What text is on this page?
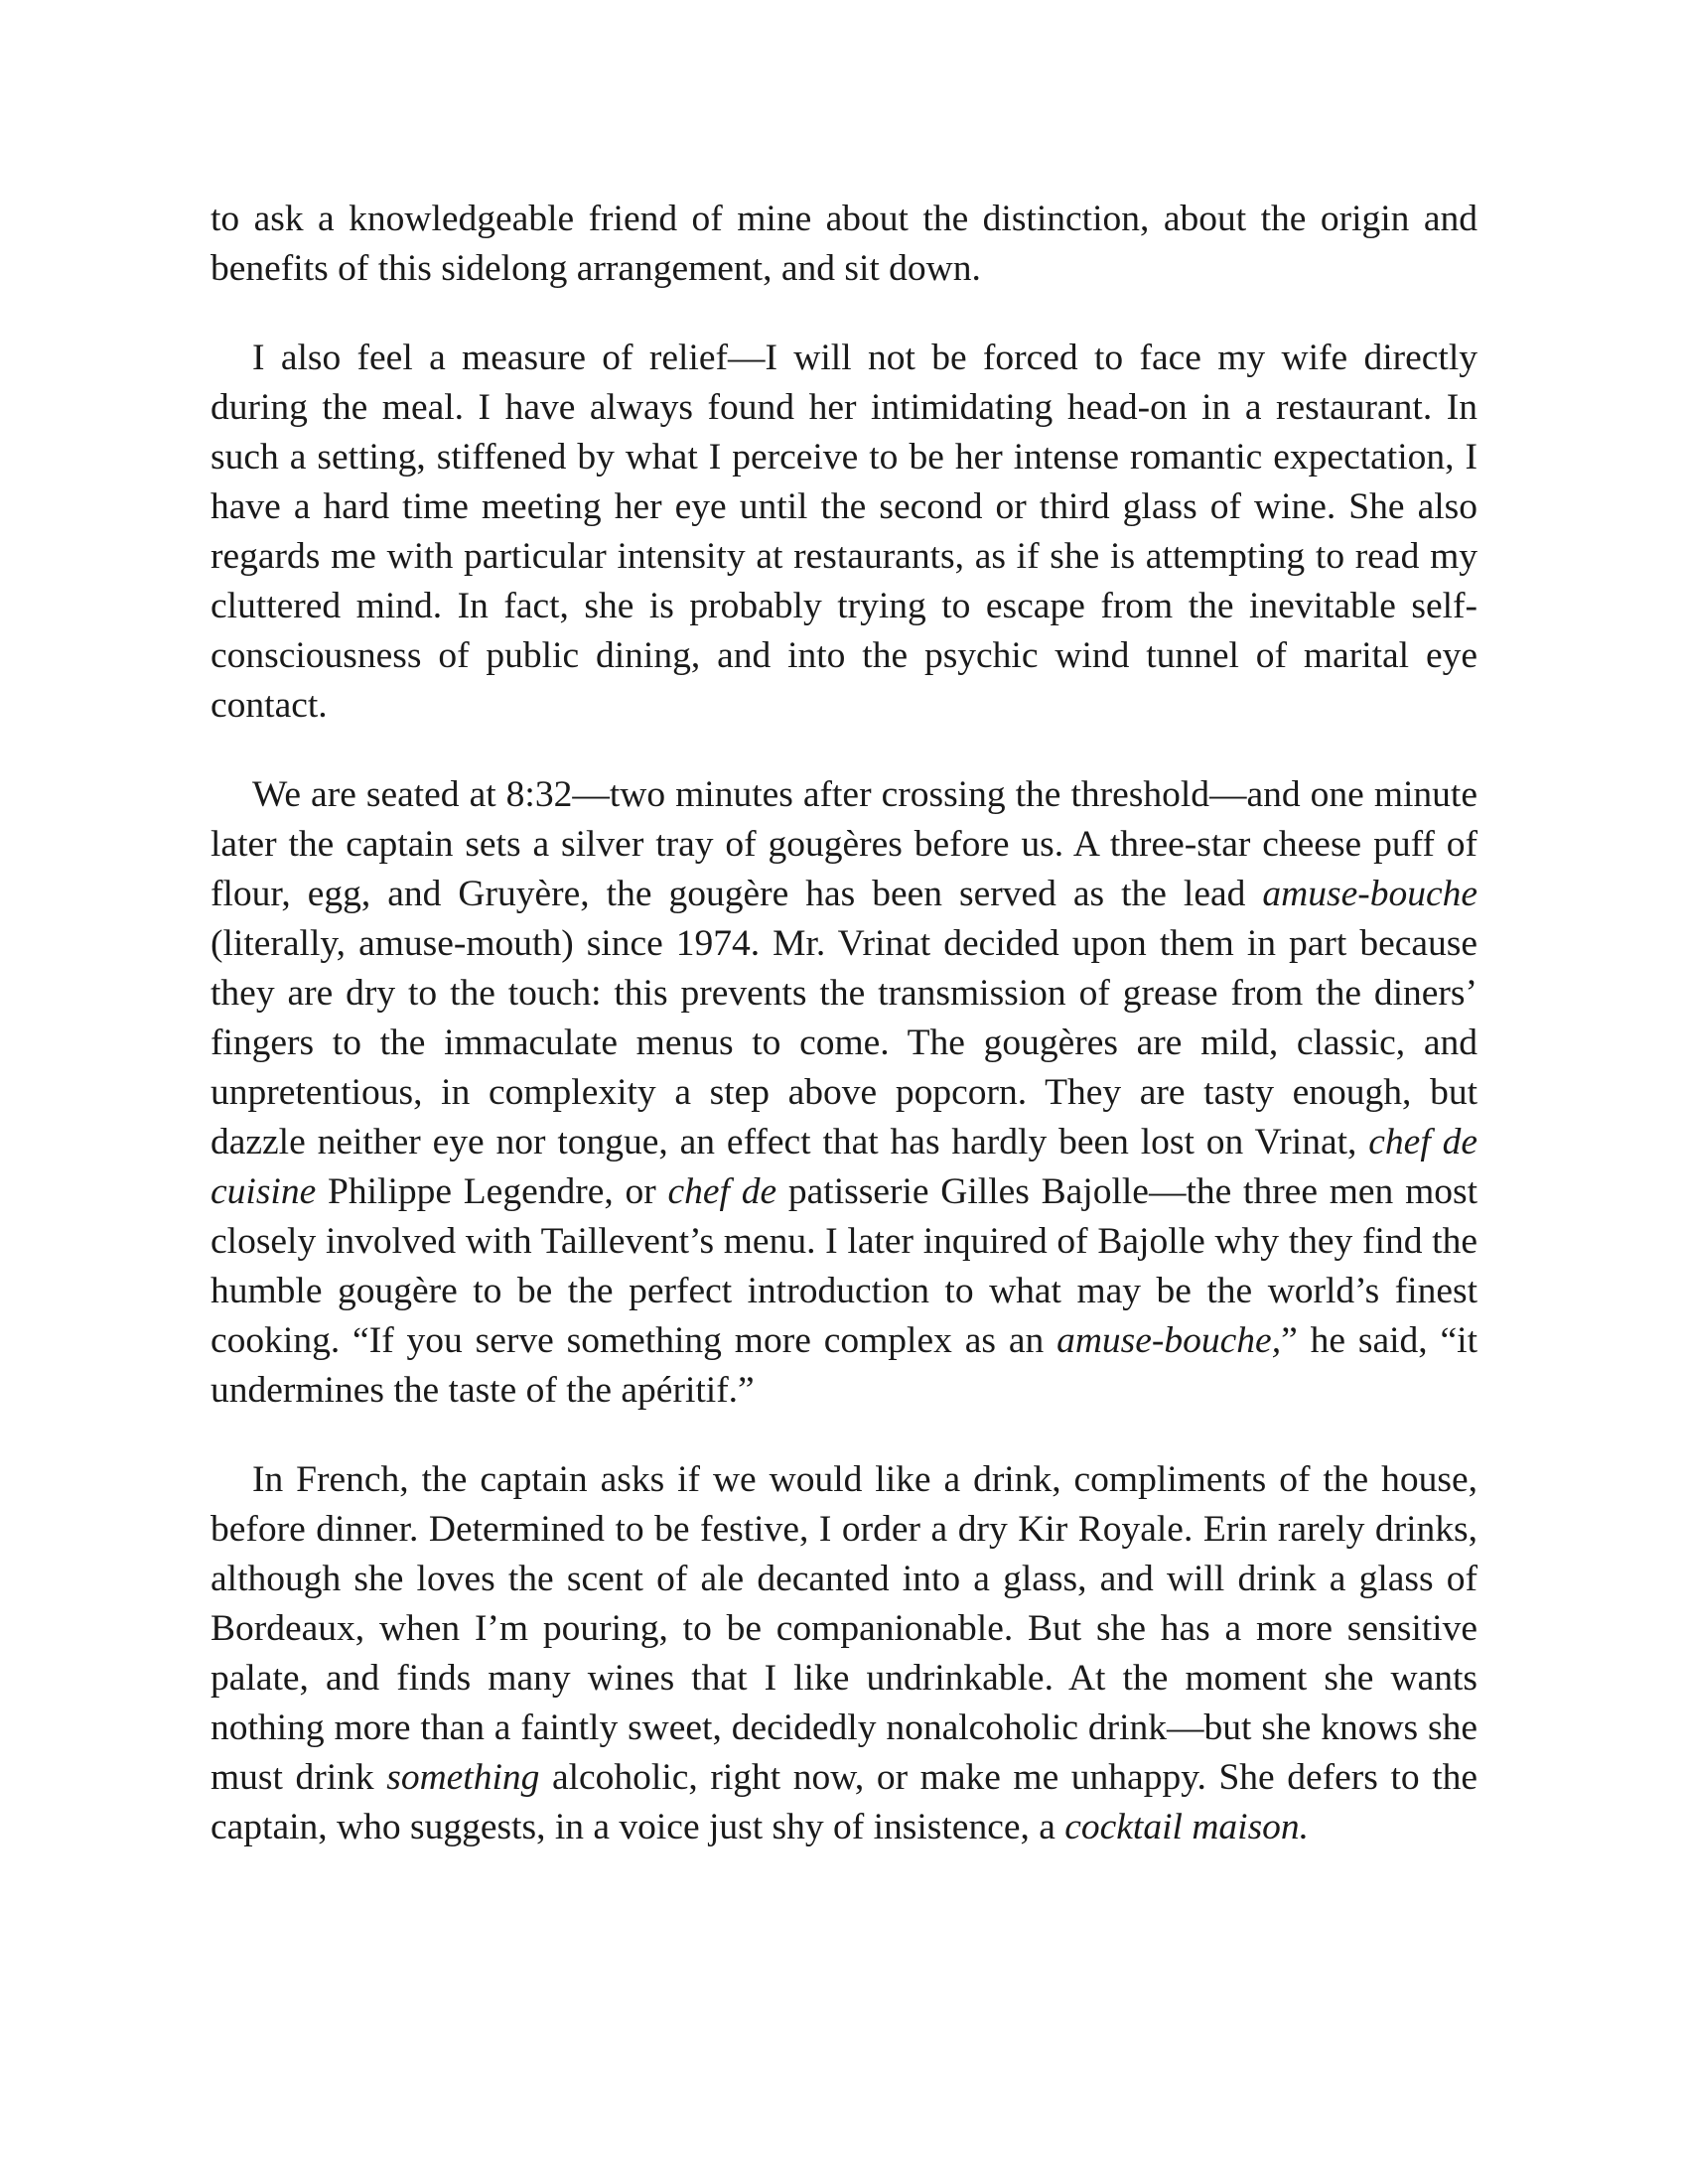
to ask a knowledgeable friend of mine about the distinction, about the origin and benefits of this sidelong arrangement, and sit down.

I also feel a measure of relief—I will not be forced to face my wife directly during the meal. I have always found her intimidating head-on in a restaurant. In such a setting, stiffened by what I perceive to be her intense romantic expectation, I have a hard time meeting her eye until the second or third glass of wine. She also regards me with particular intensity at restaurants, as if she is attempting to read my cluttered mind. In fact, she is probably trying to escape from the inevitable self-consciousness of public dining, and into the psychic wind tunnel of marital eye contact.

We are seated at 8:32—two minutes after crossing the threshold—and one minute later the captain sets a silver tray of gougères before us. A three-star cheese puff of flour, egg, and Gruyère, the gougère has been served as the lead amuse-bouche (literally, amuse-mouth) since 1974. Mr. Vrinat decided upon them in part because they are dry to the touch: this prevents the transmission of grease from the diners’ fingers to the immaculate menus to come. The gougères are mild, classic, and unpretentious, in complexity a step above popcorn. They are tasty enough, but dazzle neither eye nor tongue, an effect that has hardly been lost on Vrinat, chef de cuisine Philippe Legendre, or chef de patisserie Gilles Bajolle—the three men most closely involved with Taillevent’s menu. I later inquired of Bajolle why they find the humble gougère to be the perfect introduction to what may be the world’s finest cooking. “If you serve something more complex as an amuse-bouche,” he said, “it undermines the taste of the apéritif.”

In French, the captain asks if we would like a drink, compliments of the house, before dinner. Determined to be festive, I order a dry Kir Royale. Erin rarely drinks, although she loves the scent of ale decanted into a glass, and will drink a glass of Bordeaux, when I’m pouring, to be companionable. But she has a more sensitive palate, and finds many wines that I like undrinkable. At the moment she wants nothing more than a faintly sweet, decidedly nonalcoholic drink—but she knows she must drink something alcoholic, right now, or make me unhappy. She defers to the captain, who suggests, in a voice just shy of insistence, a cocktail maison.
